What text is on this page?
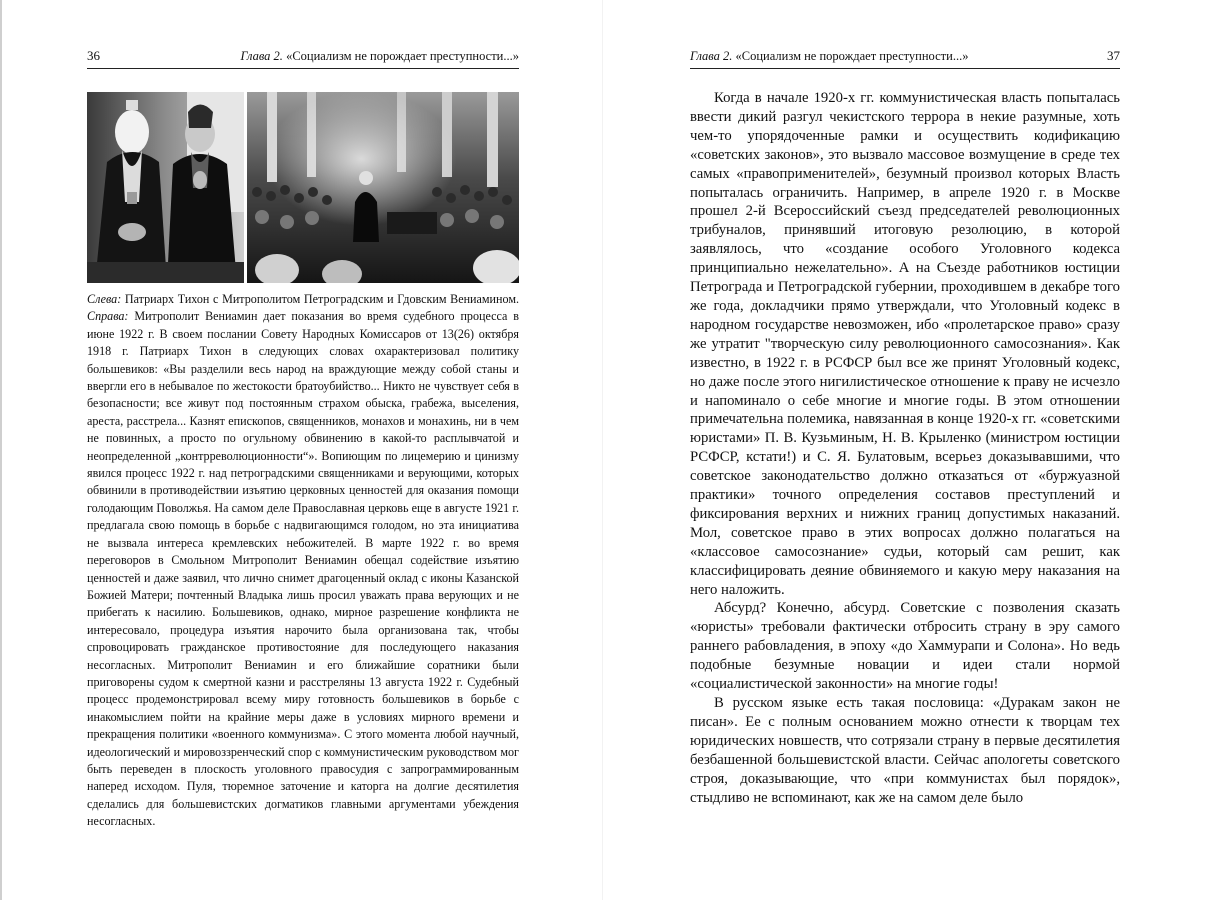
36	Глава 2. «Социализм не порождает преступности...»
Слева: Патриарх Тихон с Митрополитом Петроградским и Гдовским Вениамином. Справа: Митрополит Вениамин дает показания во время судебного процесса в июне 1922 г. В своем послании Совету Народных Комиссаров от 13(26) октября 1918 г. Патриарх Тихон в следующих словах охарактеризовал политику большевиков: «Вы разделили весь народ на враждующие между собой станы и ввергли его в небывалое по жестокости братоубийство... Никто не чувствует себя в безопасности; все живут под постоянным страхом обыска, грабежа, выселения, ареста, расстрела... Казнят епископов, священников, монахов и монахинь, ни в чем не повинных, а просто по огульному обвинению в какой-то расплывчатой и неопределенной „контрреволюционности“». Вопиющим по лицемерию и цинизму явился процесс 1922 г. над петроградскими священниками и верующими, которых обвинили в противодействии изъятию церковных ценностей для оказания помощи голодающим Поволжья. На самом деле Православная церковь еще в августе 1921 г. предлагала свою помощь в борьбе с надвигающимся голодом, но эта инициатива не вызвала интереса кремлевских небожителей. В марте 1922 г. во время переговоров в Смольном Митрополит Вениамин обещал содействие изъятию ценностей и даже заявил, что лично снимет драгоценный оклад с иконы Казанской Божией Матери; почтенный Владыка лишь просил уважать права верующих и не прибегать к насилию. Большевиков, однако, мирное разрешение конфликта не интересовало, процедура изъятия нарочито была организована так, чтобы спровоцировать гражданское противостояние для последующего наказания несогласных. Митрополит Вениамин и его ближайшие соратники были приговорены судом к смертной казни и расстреляны 13 августа 1922 г. Судебный процесс продемонстрировал всему миру готовность большевиков в борьбе с инакомыслием пойти на крайние меры даже в условиях мирного времени и прекращения политики «военного коммунизма». С этого момента любой научный, идеологический и мировоззренческий спор с коммунистическим руководством мог быть переведен в плоскость уголовного правосудия с запрограммированным наперед исходом. Пуля, тюремное заточение и каторга на долгие десятилетия сделались для большевистских догматиков главными аргументами убеждения несогласных.
Глава 2. «Социализм не порождает преступности...»	37

Когда в начале 1920-х гг. коммунистическая власть попыталась ввести дикий разгул чекистского террора в некие разумные, хоть чем-то упорядоченные рамки и осуществить кодификацию «советских законов», это вызвало массовое возмущение в среде тех самых «правоприменителей», безумный произвол которых Власть попыталась ограничить. Например, в апреле 1920 г. в Москве прошел 2-й Всероссийский съезд председателей революционных трибуналов, принявший итоговую резолюцию, в которой заявлялось, что «создание особого Уголовного кодекса принципиально нежелательно». А на Съезде работников юстиции Петрограда и Петроградской губернии, проходившем в декабре того же года, докладчики прямо утверждали, что Уголовный кодекс в народном государстве невозможен, ибо «пролетарское право» сразу же утратит "творческую силу революционного самосознания». Как известно, в 1922 г. в РСФСР был все же принят Уголовный кодекс, но даже после этого нигилистическое отношение к праву не исчезло и напоминало о себе многие и многие годы. В этом отношении примечательна полемика, навязанная в конце 1920-х гг. «советскими юристами» П. В. Кузьминым, Н. В. Крыленко (министром юстиции РСФСР, кстати!) и С. Я. Булатовым, всерьез доказывавшими, что советское законодательство должно отказаться от «буржуазной практики» точного определения составов преступлений и фиксирования верхних и нижних границ допустимых наказаний. Мол, советское право в этих вопросах должно полагаться на «классовое самосознание» судьи, который сам решит, как классифицировать деяние обвиняемого и какую меру наказания на него наложить.

Абсурд? Конечно, абсурд. Советские с позволения сказать «юристы» требовали фактически отбросить страну в эру самого раннего рабовладения, в эпоху «до Хаммурапи и Солона». Но ведь подобные безумные новации и идеи стали нормой «социалистической законности» на многие годы!

В русском языке есть такая пословица: «Дуракам закон не писан». Ее с полным основанием можно отнести к творцам тех юридических новшеств, что сотрязали страну в первые десятилетия безбашенной большевистской власти. Сейчас апологеты советского строя, доказывающие, что «при коммунистах был порядок», стыдливо не вспоминают, как же на самом деле было
